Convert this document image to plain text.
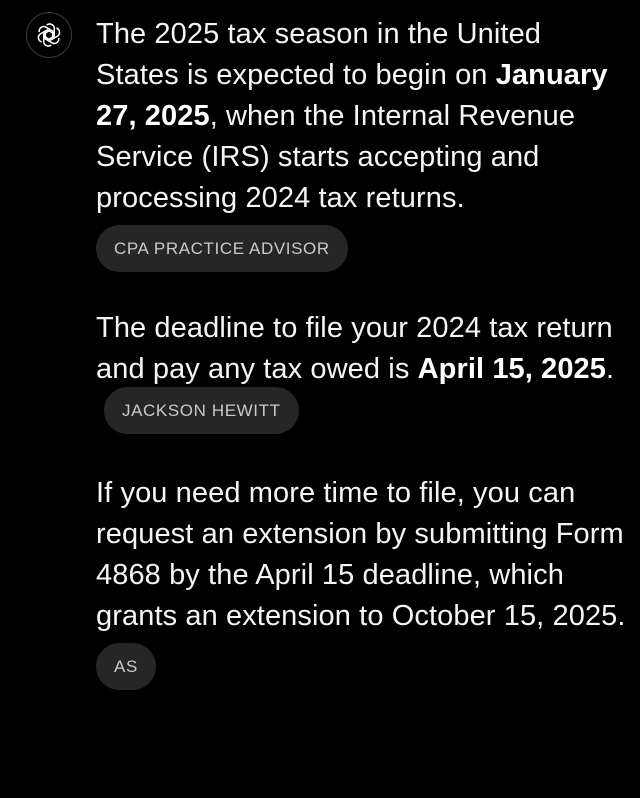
The 2025 tax season in the United States is expected to begin on January 27, 2025, when the Internal Revenue Service (IRS) starts accepting and processing 2024 tax returns.

CPA PRACTICE ADVISOR

The deadline to file your 2024 tax return and pay any tax owed is April 15, 2025.JACKSON HEWITT

If you need more time to file, you can request an extension by submitting Form 4868 by the April 15 deadline, which grants an extension to October 15, 2025.

AS
